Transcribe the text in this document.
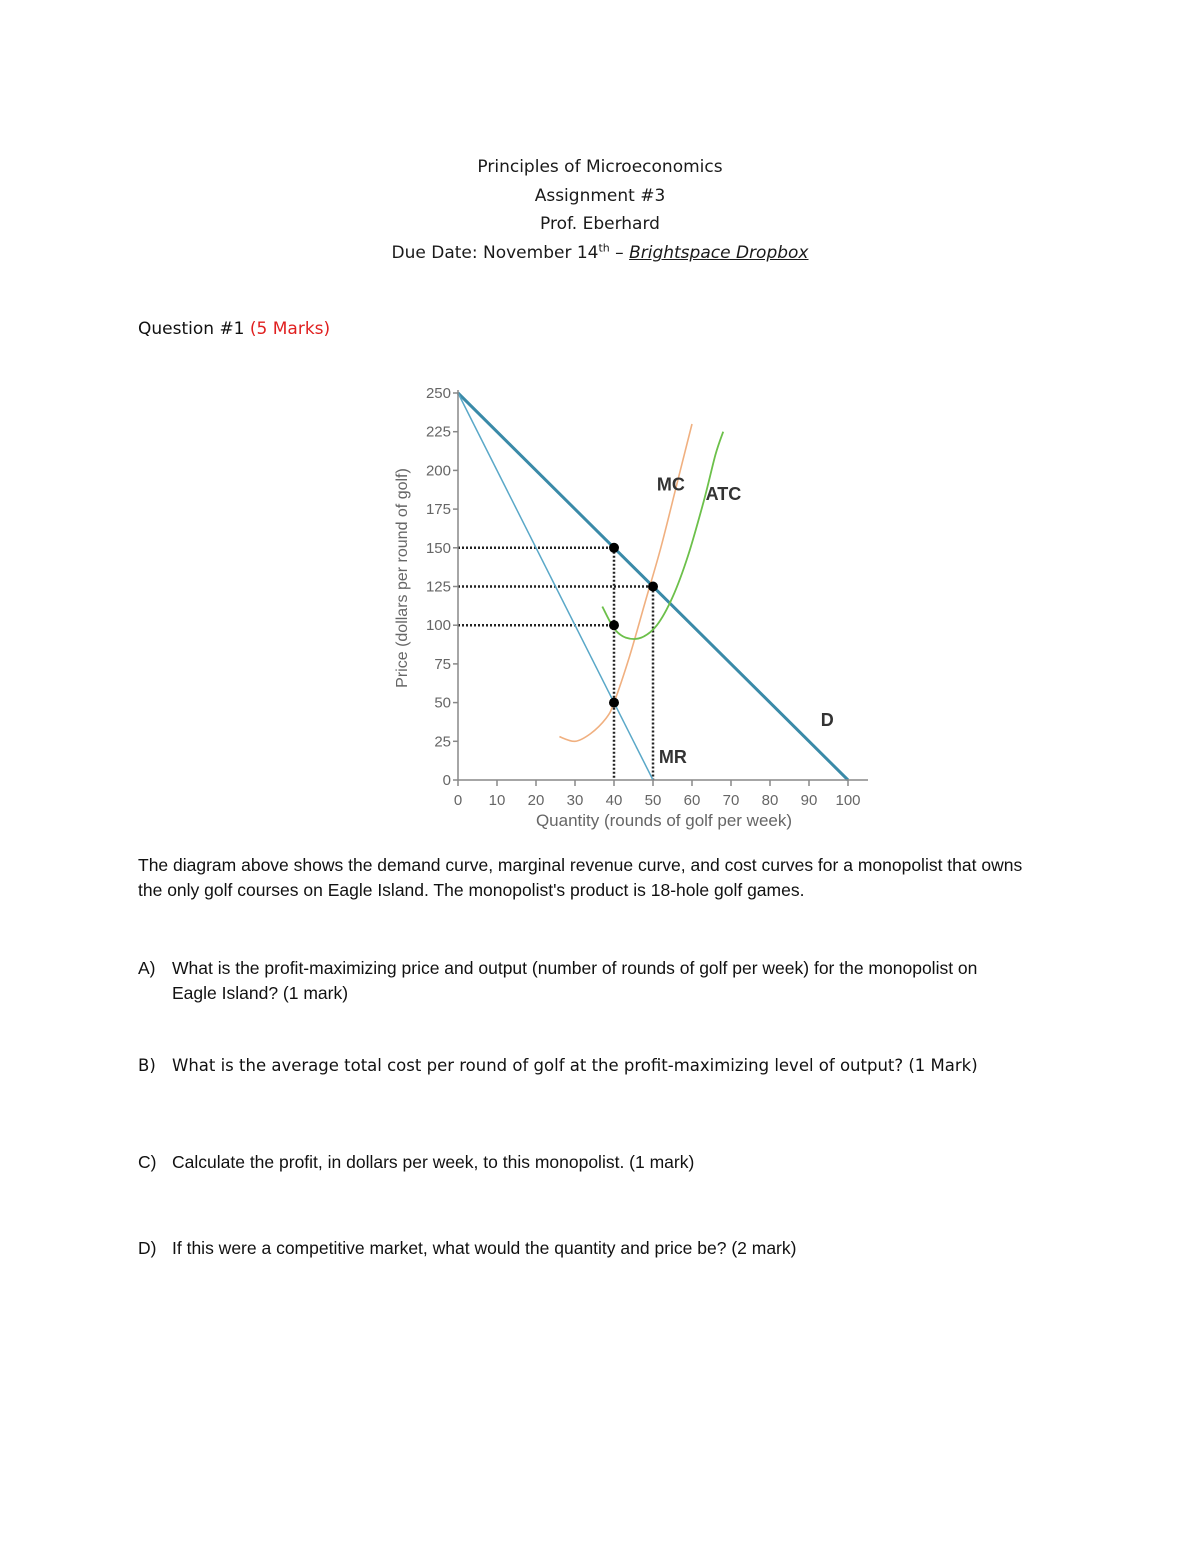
Principles of Microeconomics
Assignment #3
Prof. Eberhard
Due Date: November 14th – Brightspace Dropbox
Question #1 (5 Marks)
0
25
50
75
100
125
150
175
200
225
250
0 10 20 30 40 50 60 70 80 90 100
MC ATC
D
MR
Price (dollars per round of golf)
Quantity (rounds of golf per week)
The diagram above shows the demand curve, marginal revenue curve, and cost curves for a monopolist that owns the only golf courses on Eagle Island. The monopolist's product is 18-hole golf games.
A) What is the profit-maximizing price and output (number of rounds of golf per week) for the monopolist on Eagle Island? (1 mark)
B) What is the average total cost per round of golf at the profit-maximizing level of output? (1 Mark)
C) Calculate the profit, in dollars per week, to this monopolist. (1 mark)
D) If this were a competitive market, what would the quantity and price be? (2 mark)
